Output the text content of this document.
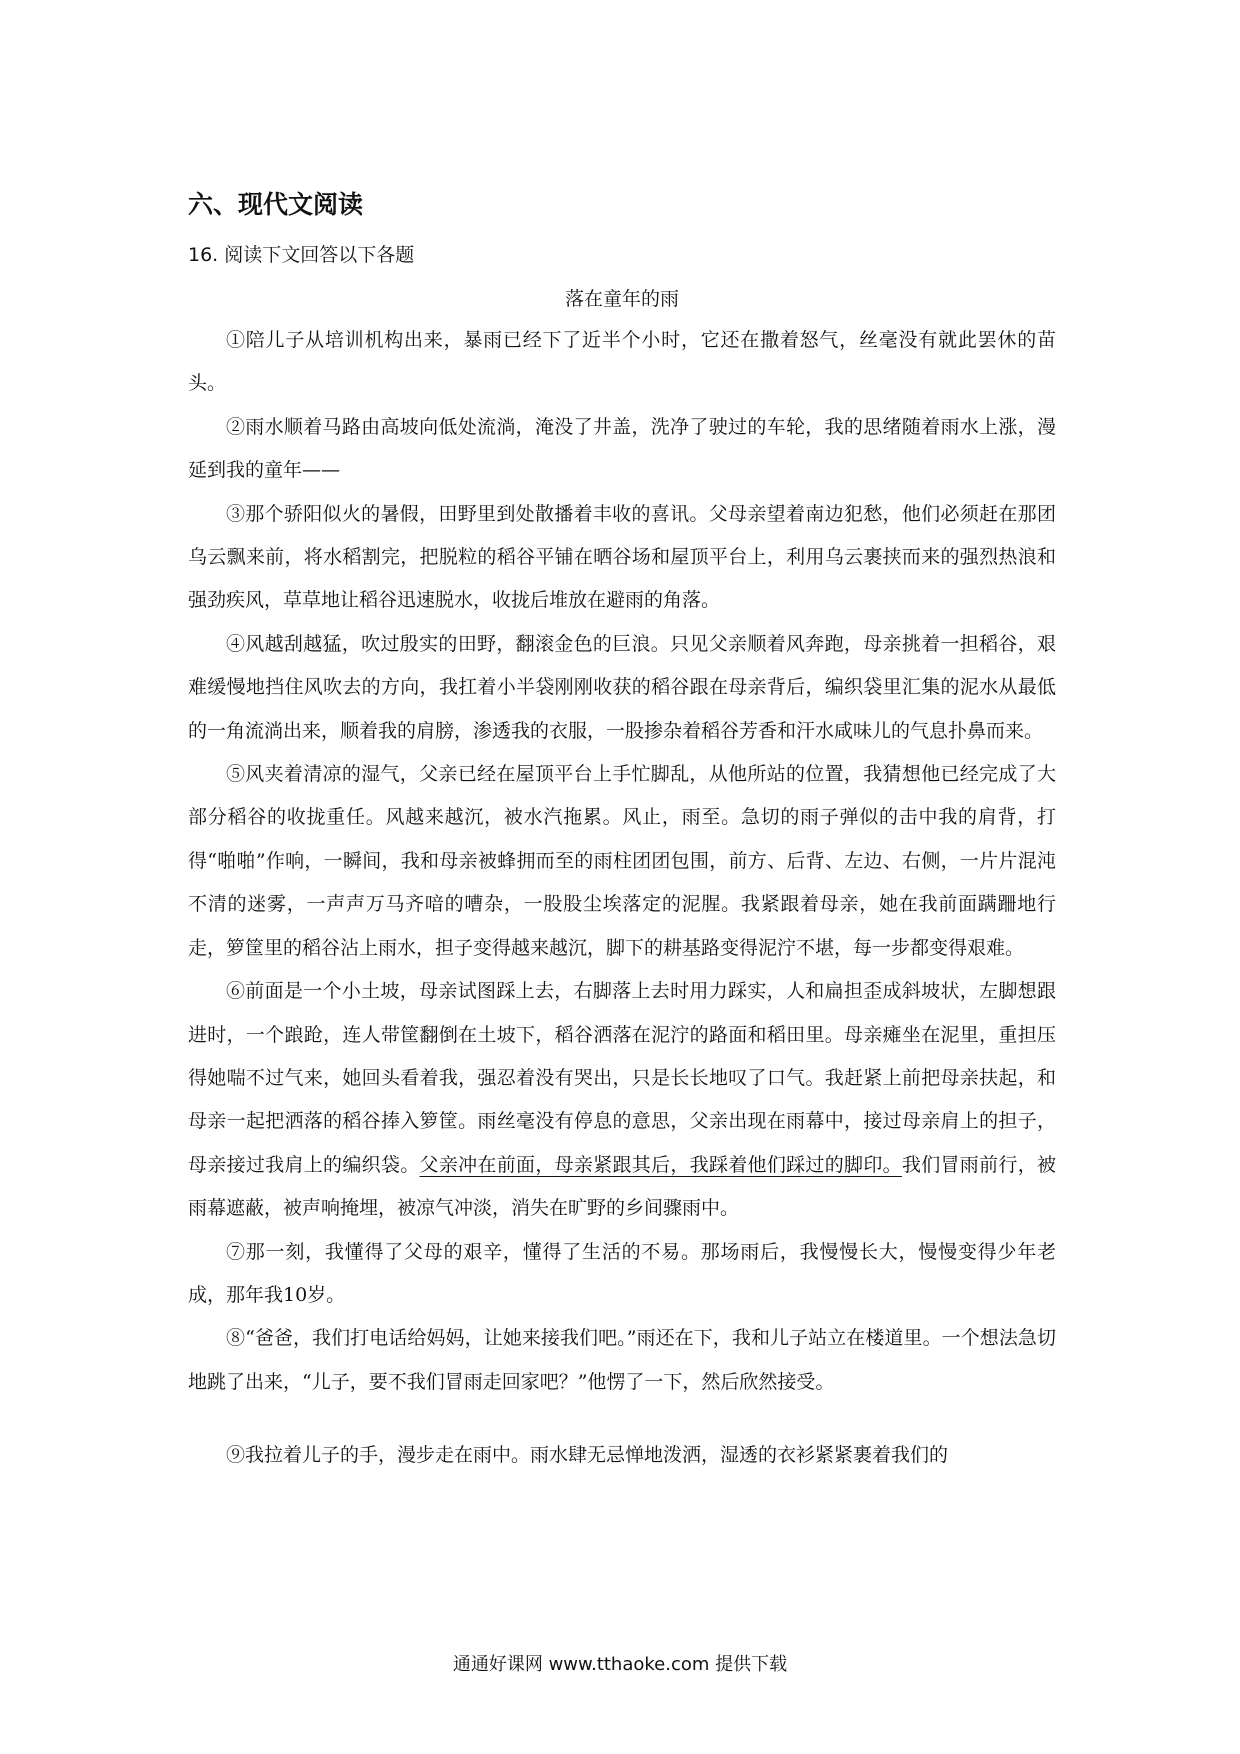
六、现代文阅读
16. 阅读下文回答以下各题
落在童年的雨

①陪儿子从培训机构出来，暴雨已经下了近半个小时，它还在撒着怒气，丝毫没有就此罢休的苗头。

②雨水顺着马路由高坡向低处流淌，淹没了井盖，洗净了驶过的车轮，我的思绪随着雨水上涨，漫延到我的童年——

③那个骄阳似火的暑假，田野里到处散播着丰收的喜讯。父母亲望着南边犯愁，他们必须赶在那团乌云飘来前，将水稻割完，把脱粒的稻谷平铺在晒谷场和屋顶平台上，利用乌云裹挟而来的强烈热浪和强劲疾风，草草地让稻谷迅速脱水，收拢后堆放在避雨的角落。

④风越刮越猛，吹过殷实的田野，翻滚金色的巨浪。只见父亲顺着风奔跑，母亲挑着一担稻谷，艰难缓慢地挡住风吹去的方向，我扛着小半袋刚刚收获的稻谷跟在母亲背后，编织袋里汇集的泥水从最低的一角流淌出来，顺着我的肩膀，渗透我的衣服，一股掺杂着稻谷芳香和汗水咸味儿的气息扑鼻而来。

⑤风夹着清凉的湿气，父亲已经在屋顶平台上手忙脚乱，从他所站的位置，我猜想他已经完成了大部分稻谷的收拢重任。风越来越沉，被水汽拖累。风止，雨至。急切的雨子弹似的击中我的肩背，打得“啪啪”作响，一瞬间，我和母亲被蜂拥而至的雨柱团团包围，前方、后背、左边、右侧，一片片混沌不清的迷雾，一声声万马齐喑的嘈杂，一股股尘埃落定的泥腥。我紧跟着母亲，她在我前面蹒跚地行走，箩筐里的稻谷沾上雨水，担子变得越来越沉，脚下的耕基路变得泥泞不堪，每一步都变得艰难。

⑥前面是一个小土坡，母亲试图踩上去，右脚落上去时用力踩实，人和扁担歪成斜坡状，左脚想跟进时，一个踉跄，连人带筐翻倒在土坡下，稻谷洒落在泥泞的路面和稻田里。母亲瘫坐在泥里，重担压得她喘不过气来，她回头看着我，强忍着没有哭出，只是长长地叹了口气。我赶紧上前把母亲扶起，和母亲一起把洒落的稻谷捧入箩筐。雨丝毫没有停息的意思，父亲出现在雨幕中，接过母亲肩上的担子，母亲接过我肩上的编织袋。父亲冲在前面，母亲紧跟其后，我踩着他们踩过的脚印。我们冒雨前行，被雨幕遮蔽，被声响掩埋，被凉气冲淡，消失在旷野的乡间骤雨中。

⑦那一刻，我懂得了父母的艰辛，懂得了生活的不易。那场雨后，我慢慢长大，慢慢变得少年老成，那年我10岁。

⑧“爸爸，我们打电话给妈妈，让她来接我们吧。”雨还在下，我和儿子站立在楼道里。一个想法急切地跳了出来，“儿子，要不我们冒雨走回家吧？”他愣了一下，然后欣然接受。

⑨我拉着儿子的手，漫步走在雨中。雨水肆无忌惮地泼洒，湿透的衣衫紧紧裹着我们的

通通好课网 www.tthaoke.com 提供下载
